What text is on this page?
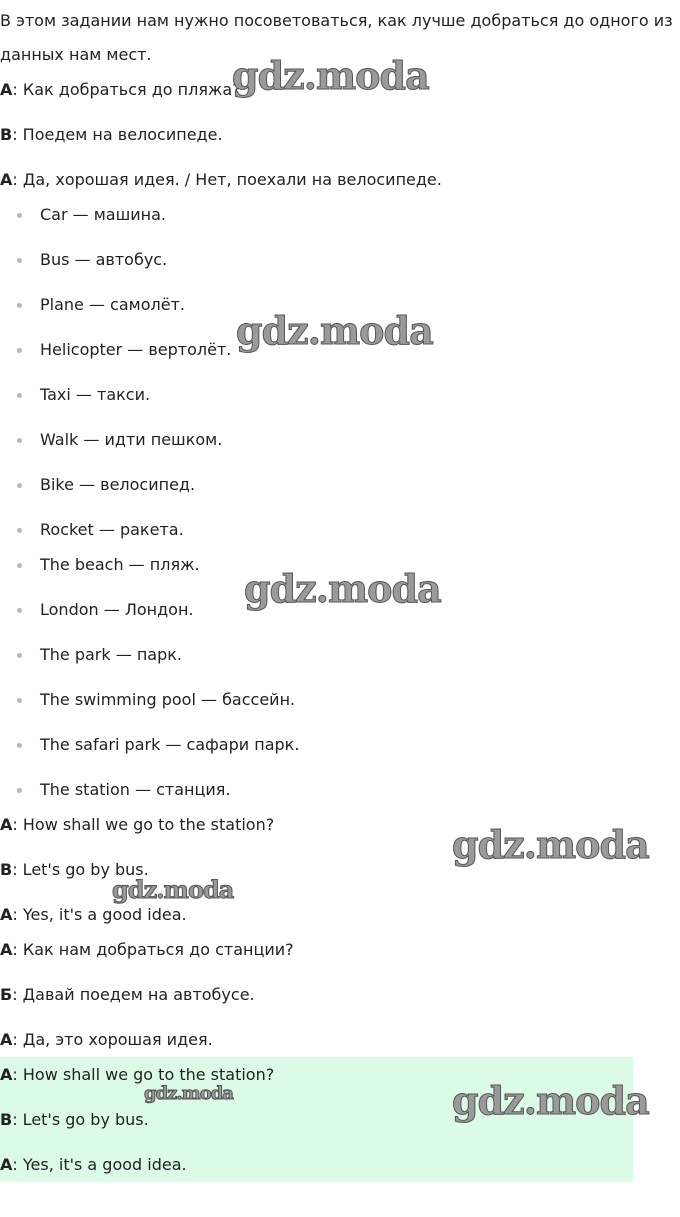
В этом задании нам нужно посоветоваться, как лучше добраться до одного из
данных нам мест.
A: Как добраться до пляжа?
B: Поедем на велосипеде.
A: Да, хорошая идея. / Нет, поехали на велосипеде.
Car — машина.
Bus — автобус.
Plane — самолёт.
Helicopter — вертолёт.
Taxi — такси.
Walk — идти пешком.
Bike — велосипед.
Rocket — ракета.
The beach — пляж.
London — Лондон.
The park — парк.
The swimming pool — бассейн.
The safari park — сафари парк.
The station — станция.
A: How shall we go to the station?
B: Let's go by bus.
A: Yes, it's a good idea.
A: Как нам добраться до станции?
Б: Давай поедем на автобусе.
A: Да, это хорошая идея.
A: How shall we go to the station?
B: Let's go by bus.
A: Yes, it's a good idea.
gdz.moda
gdz.moda
gdz.moda
gdz.moda
gdz.moda
gdz.moda	gdz.moda
